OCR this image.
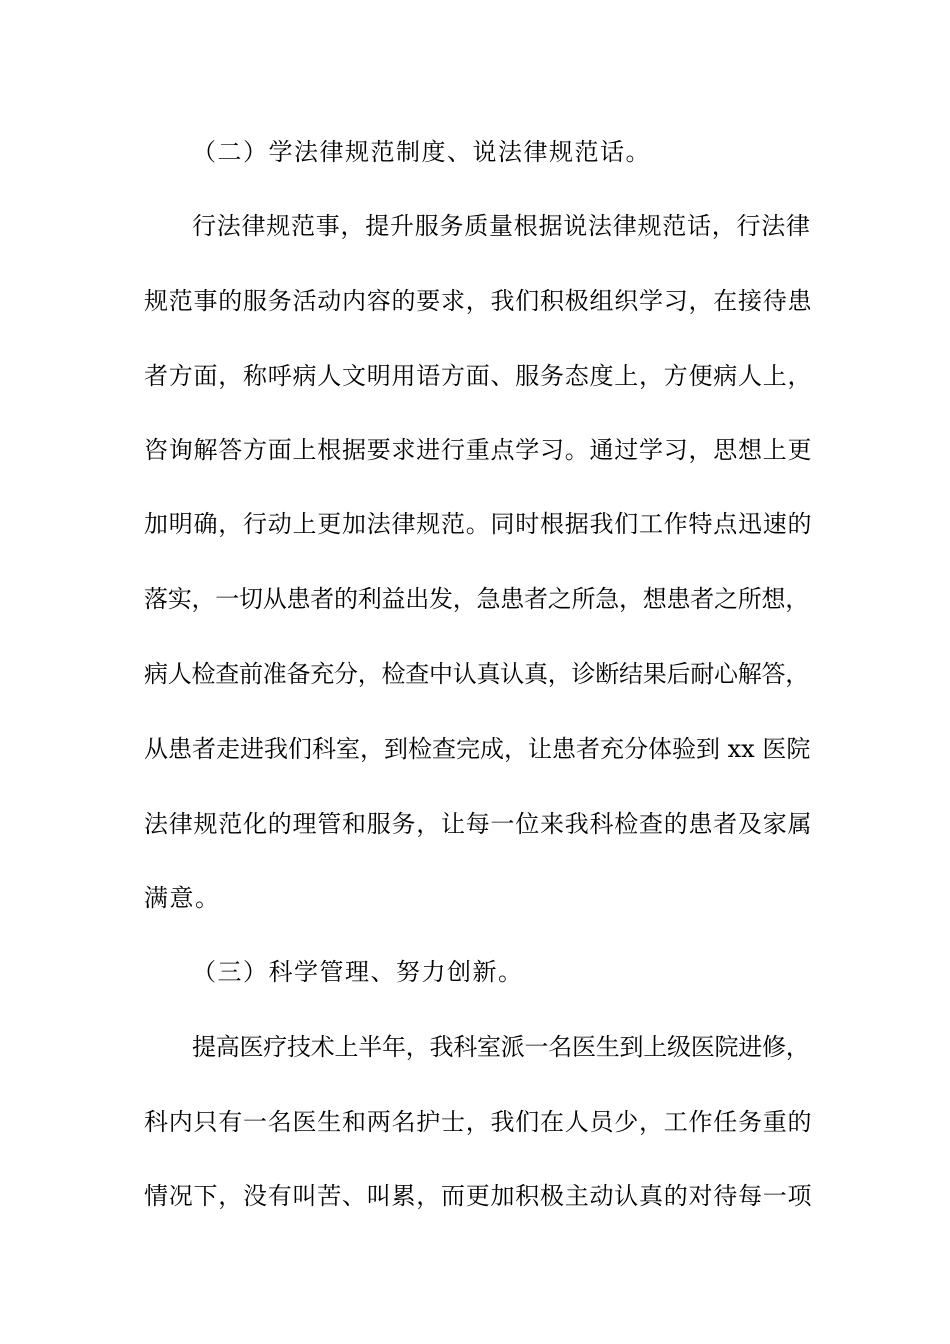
（二）学法律规范制度、说法律规范话。
行法律规范事，提升服务质量根据说法律规范话，行法律
规范事的服务活动内容的要求，我们积极组织学习，在接待患
者方面，称呼病人文明用语方面、服务态度上，方便病人上，
咨询解答方面上根据要求进行重点学习。通过学习，思想上更
加明确，行动上更加法律规范。同时根据我们工作特点迅速的
落实，一切从患者的利益出发，急患者之所急，想患者之所想，
病人检查前准备充分，检查中认真认真，诊断结果后耐心解答，
从患者走进我们科室，到检查完成，让患者充分体验到 xx 医院
法律规范化的理管和服务，让每一位来我科检查的患者及家属
满意。
（三）科学管理、努力创新。
提高医疗技术上半年，我科室派一名医生到上级医院进修，
科内只有一名医生和两名护士，我们在人员少，工作任务重的
情况下，没有叫苦、叫累，而更加积极主动认真的对待每一项
